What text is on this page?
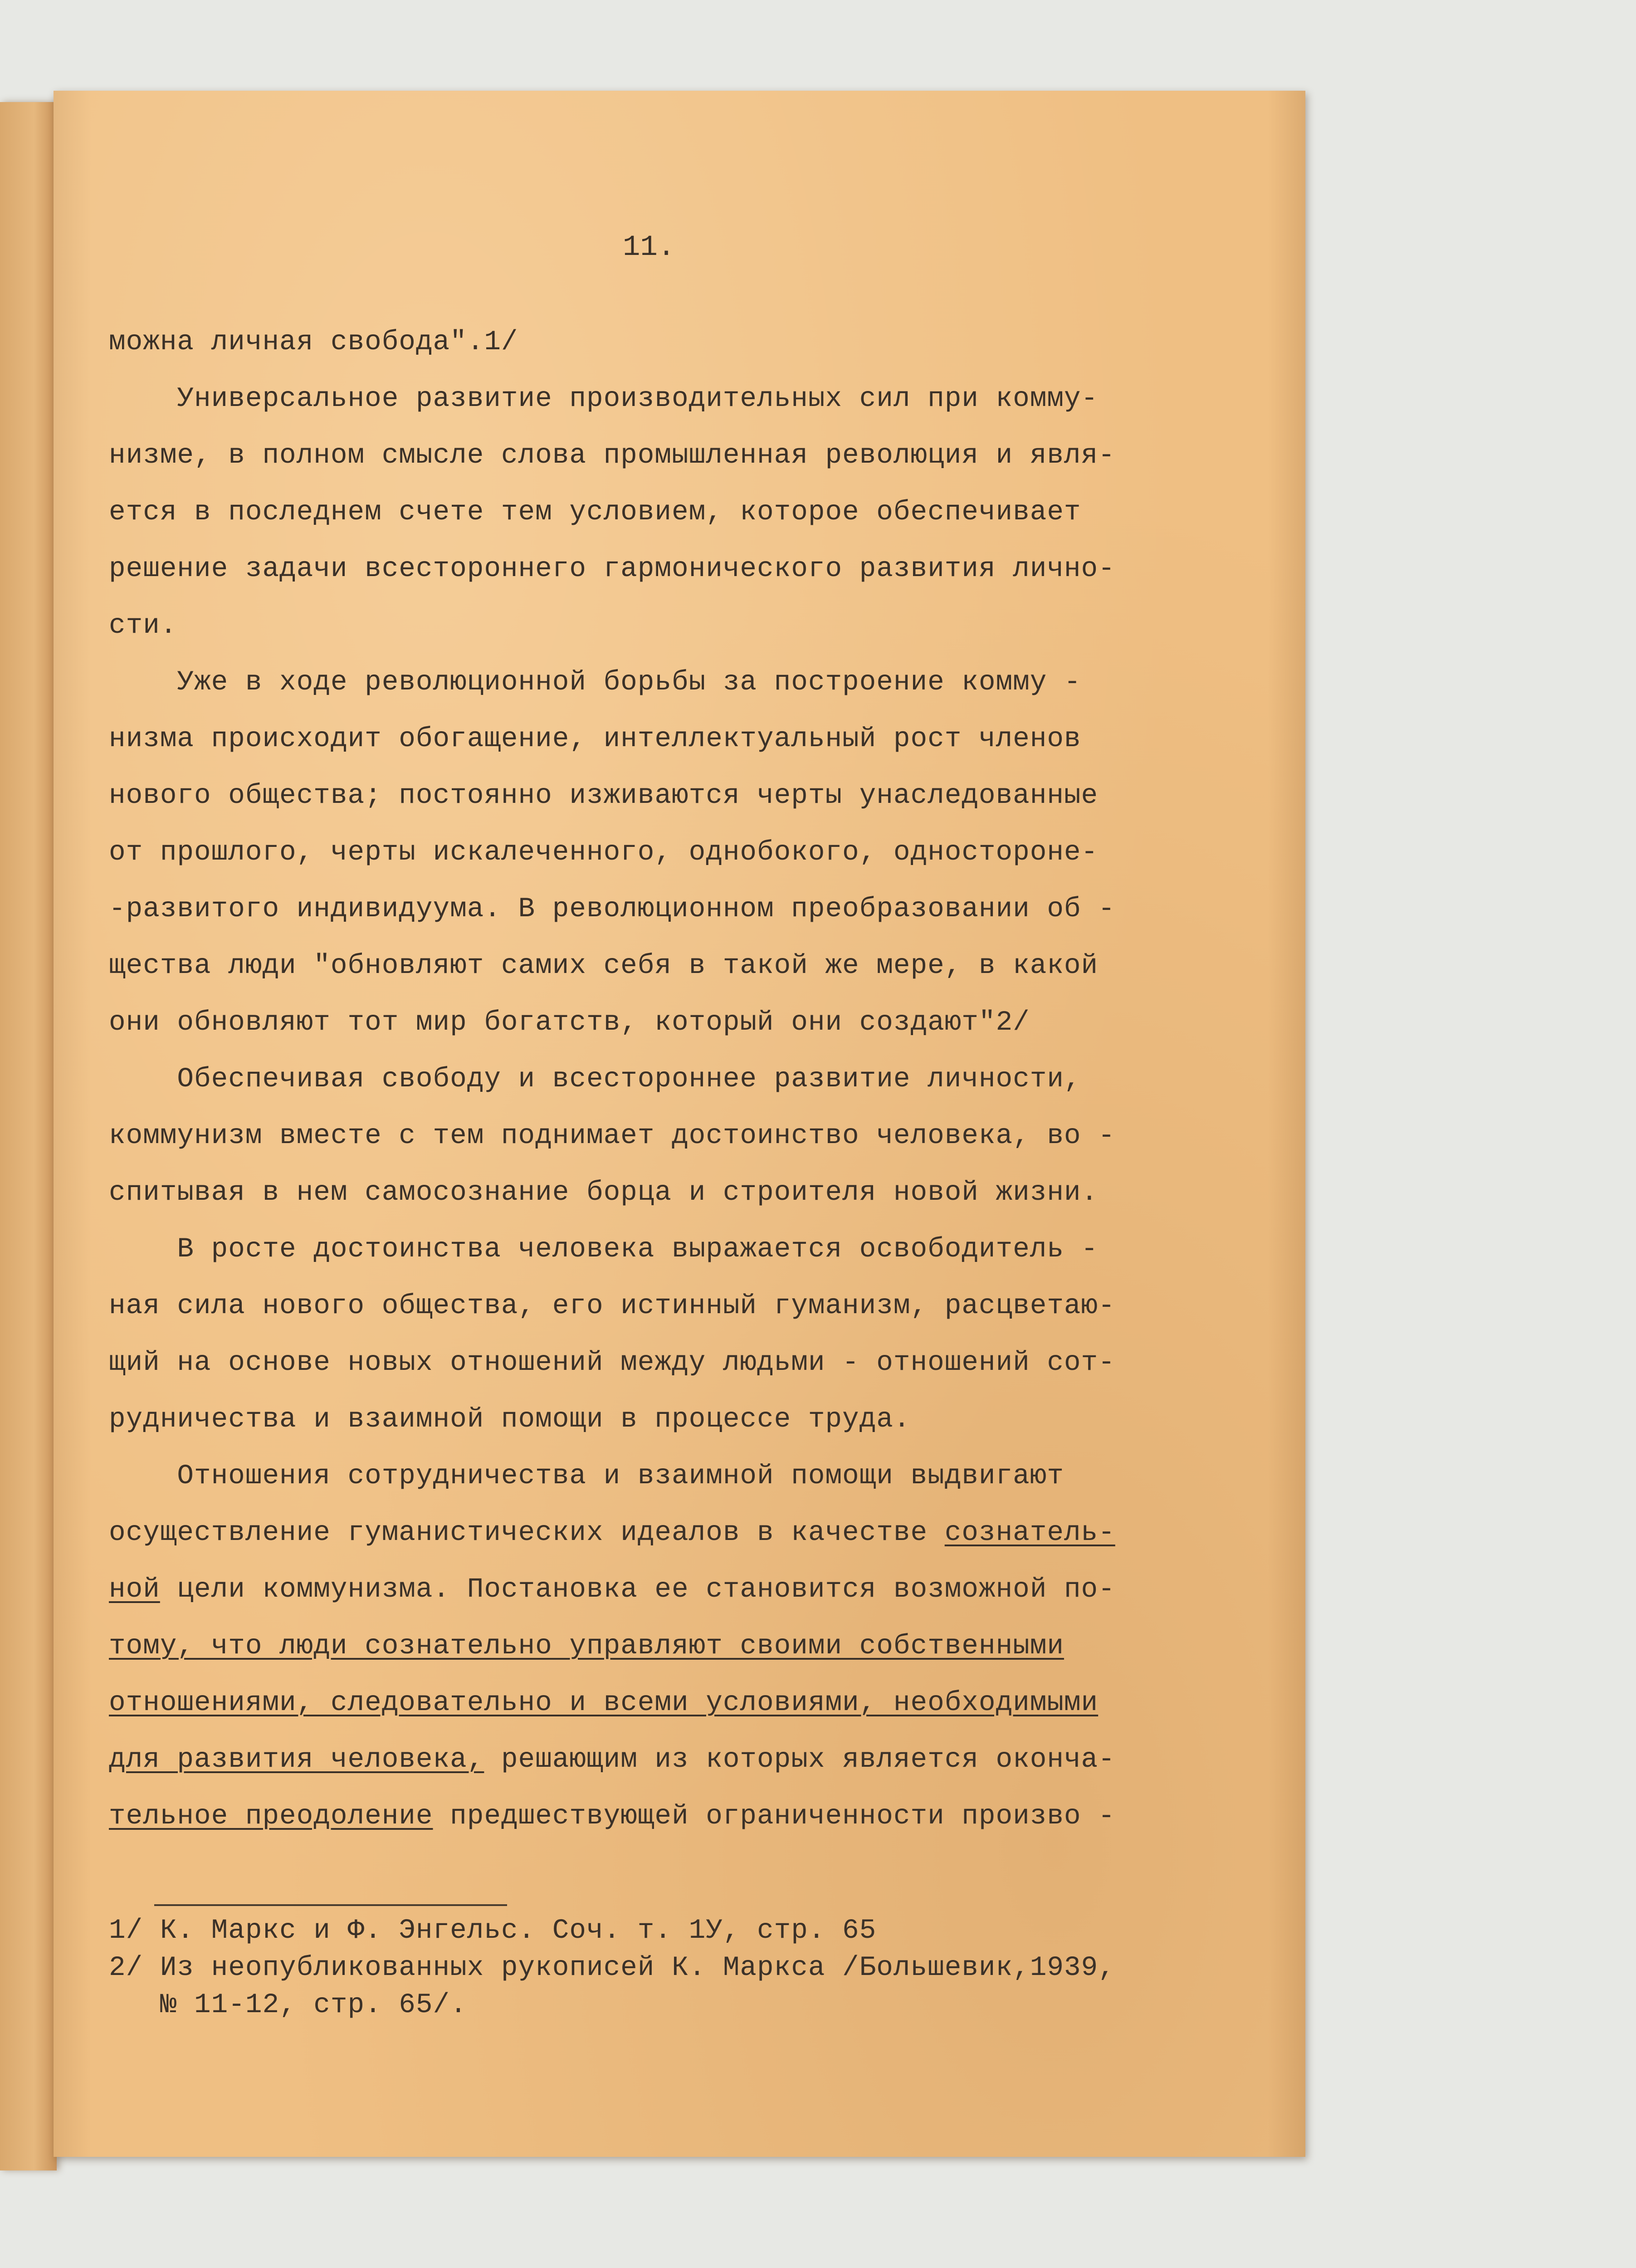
11.

можна личная свобода".1/

Универсальное развитие производительных сил при комму-

низме, в полном смысле слова промышленная революция и явля-

ется в последнем счете тем условием, которое обеспечивает

решение задачи всестороннего гармонического развития лично-

сти.

Уже в ходе революционной борьбы за построение комму -

низма происходит обогащение, интеллектуальный рост членов

нового общества; постоянно изживаются черты унаследованные

от прошлого, черты искалеченного, однобокого, одностороне-

-развитого индивидуума. В революционном преобразовании об -

щества люди "обновляют самих себя в такой же мере, в какой

они обновляют тот мир богатств, который они создают"2/

Обеспечивая свободу и всестороннее развитие личности,

коммунизм вместе с тем поднимает достоинство человека, во -

спитывая в нем самосознание борца и строителя новой жизни.

В росте достоинства человека выражается освободитель -

ная сила нового общества, его истинный гуманизм, расцветаю-

щий на основе новых отношений между людьми - отношений сот-

рудничества и взаимной помощи в процессе труда.

Отношения сотрудничества и взаимной помощи выдвигают

осуществление гуманистических идеалов в качестве сознатель-

ной цели коммунизма. Постановка ее становится возможной по-

тому, что люди сознательно управляют своими собственными

отношениями, следовательно и всеми условиями, необходимыми

для развития человека, решающим из которых является оконча-

тельное преодоление предшествующей ограниченности произво -

1/ К. Маркс и Ф. Энгельс. Соч. т. 1У, стр. 65

2/ Из неопубликованных рукописей К. Маркса /Большевик,1939,

№ 11-12, стр. 65/.
